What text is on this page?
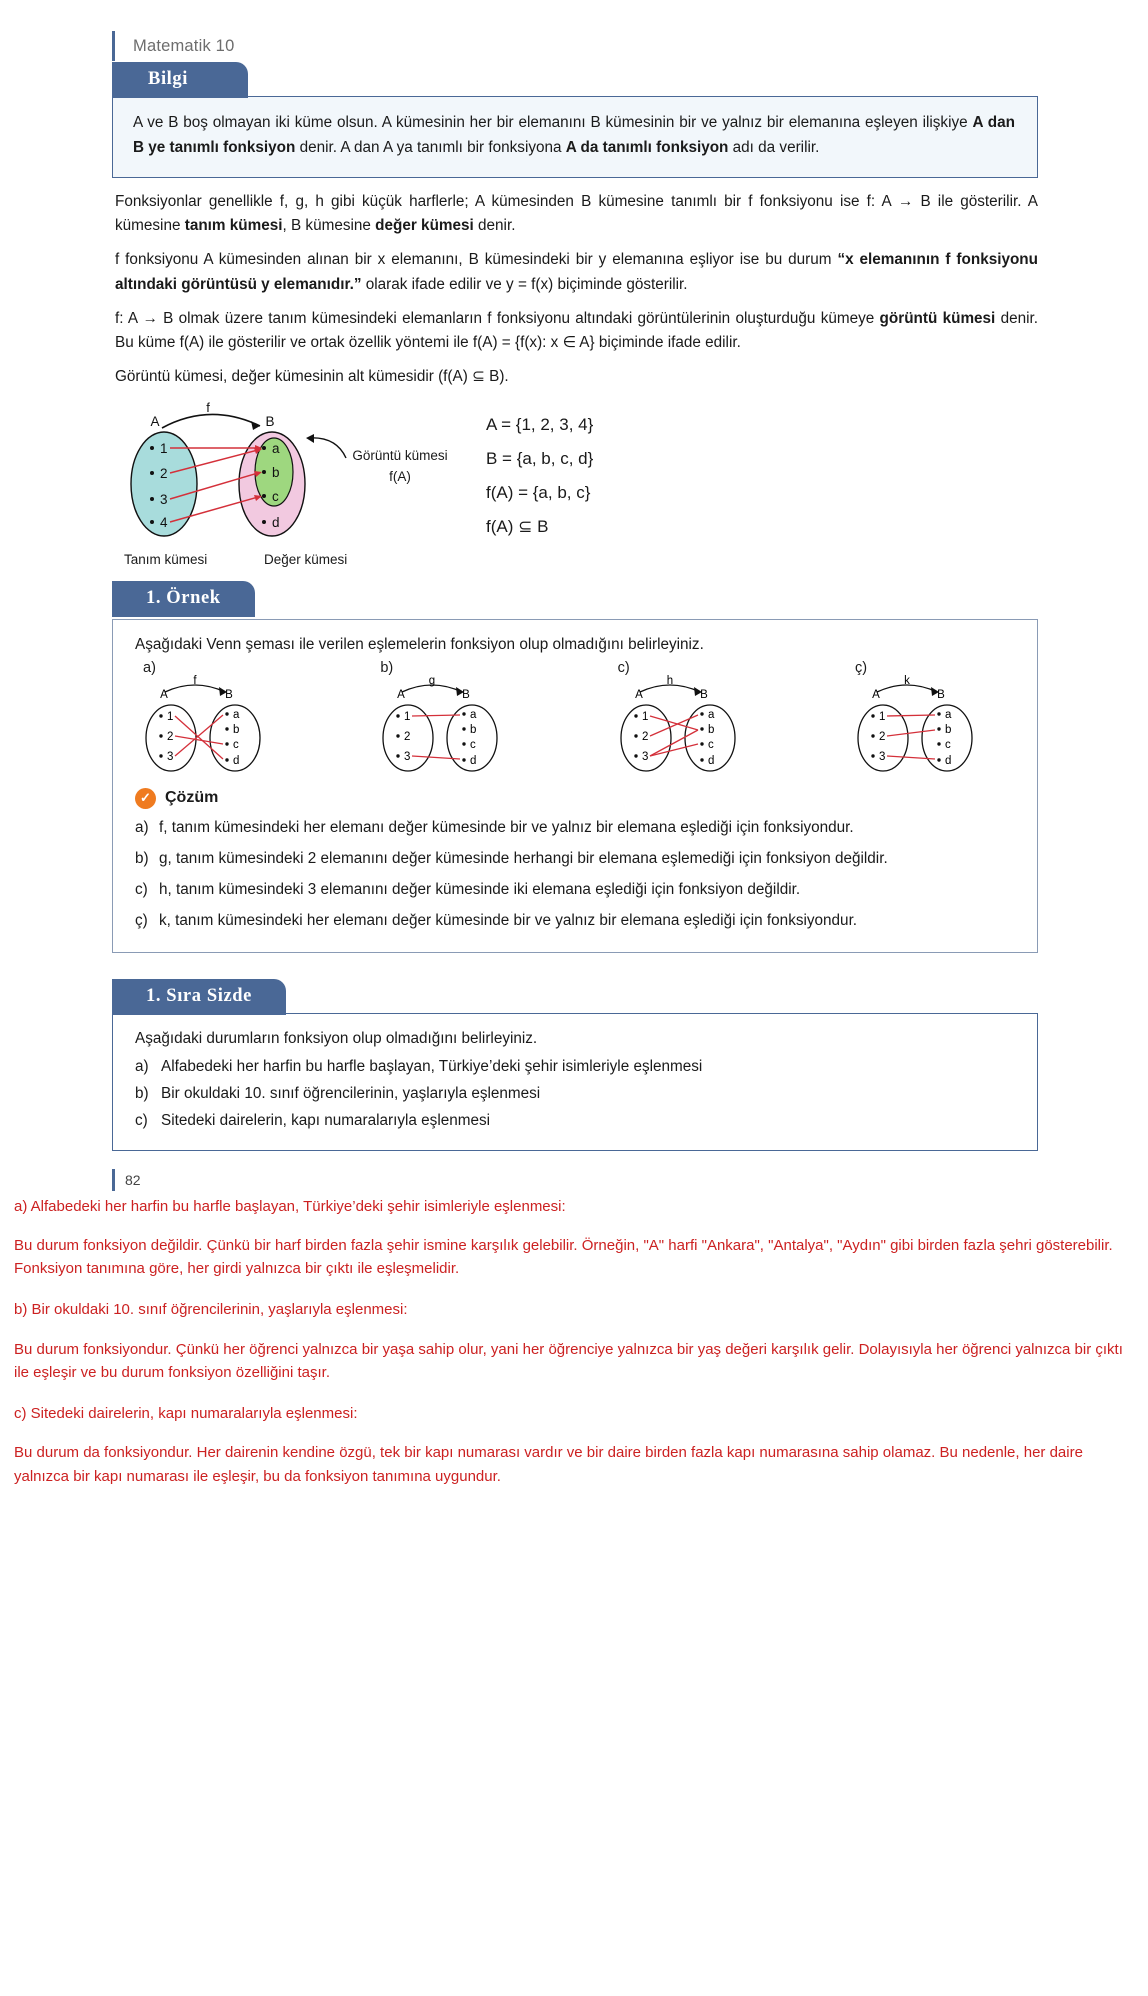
Matematik 10
Bilgi

A ve B boş olmayan iki küme olsun. A kümesinin her bir elemanını B kümesinin bir ve yalnız bir elemanına eşleyen ilişkiye A dan B ye tanımlı fonksiyon denir. A dan A ya tanımlı bir fonksiyona A da tanımlı fonksiyon adı da verilir.

Fonksiyonlar genellikle f, g, h gibi küçük harflerle; A kümesinden B kümesine tanımlı bir f fonksiyonu ise f: A → B ile gösterilir. A kümesine tanım kümesi, B kümesine değer kümesi denir.

f fonksiyonu A kümesinden alınan bir x elemanını, B kümesindeki bir y elemanına eşliyor ise bu durum “x elemanının f fonksiyonu altındaki görüntüsü y elemanıdır.” olarak ifade edilir ve y = f(x) biçiminde gösterilir.

f: A → B olmak üzere tanım kümesindeki elemanların f fonksiyonu altındaki görüntülerinin oluşturduğu kümeye görüntü kümesi denir. Bu küme f(A) ile gösterilir ve ortak özellik yöntemi ile f(A) = {f(x): x ∈ A} biçiminde ifade edilir.

Görüntü kümesi, değer kümesinin alt kümesidir (f(A) ⊆ B).

f
A	B
1
2
3
4
a
b
c
d
Tanım kümesi	Değer kümesi
Görüntü kümesi
f(A)
A = {1, 2, 3, 4}
B = {a, b, c, d}
f(A) = {a, b, c}
f(A) ⊆ B
1. Örnek

Aşağıdaki Venn şeması ile verilen eşlemelerin fonksiyon olup olmadığını belirleyiniz.

a)
f
A	B
1
2
3
a
b
c
d
b)
g
A	B
1
2
3
a
b
c
d
c)
h
A	B
1
2
3
a
b
c
d
ç)
k
A	B
1
2
3
a
b
c
d
✓ Çözüm
a) f, tanım kümesindeki her elemanı değer kümesinde bir ve yalnız bir elemana eşlediği için fonksiyondur.
b) g, tanım kümesindeki 2 elemanını değer kümesinde herhangi bir elemana eşlemediği için fonksiyon değildir.
c) h, tanım kümesindeki 3 elemanını değer kümesinde iki elemana eşlediği için fonksiyon değildir.
ç) k, tanım kümesindeki her elemanı değer kümesinde bir ve yalnız bir elemana eşlediği için fonksiyondur.
1. Sıra Sizde

Aşağıdaki durumların fonksiyon olup olmadığını belirleyiniz.

a) Alfabedeki her harfin bu harfle başlayan, Türkiye’deki şehir isimleriyle eşlenmesi
b) Bir okuldaki 10. sınıf öğrencilerinin, yaşlarıyla eşlenmesi
c) Sitedeki dairelerin, kapı numaralarıyla eşlenmesi
82

a) Alfabedeki her harfin bu harfle başlayan, Türkiye’deki şehir isimleriyle eşlenmesi:

Bu durum fonksiyon değildir. Çünkü bir harf birden fazla şehir ismine karşılık gelebilir. Örneğin, "A" harfi "Ankara", "Antalya", "Aydın" gibi birden fazla şehri gösterebilir. Fonksiyon tanımına göre, her girdi yalnızca bir çıktı ile eşleşmelidir.

b) Bir okuldaki 10. sınıf öğrencilerinin, yaşlarıyla eşlenmesi:

Bu durum fonksiyondur. Çünkü her öğrenci yalnızca bir yaşa sahip olur, yani her öğrenciye yalnızca bir yaş değeri karşılık gelir. Dolayısıyla her öğrenci yalnızca bir çıktı ile eşleşir ve bu durum fonksiyon özelliğini taşır.

c) Sitedeki dairelerin, kapı numaralarıyla eşlenmesi:

Bu durum da fonksiyondur. Her dairenin kendine özgü, tek bir kapı numarası vardır ve bir daire birden fazla kapı numarasına sahip olamaz. Bu nedenle, her daire yalnızca bir kapı numarası ile eşleşir, bu da fonksiyon tanımına uygundur.
